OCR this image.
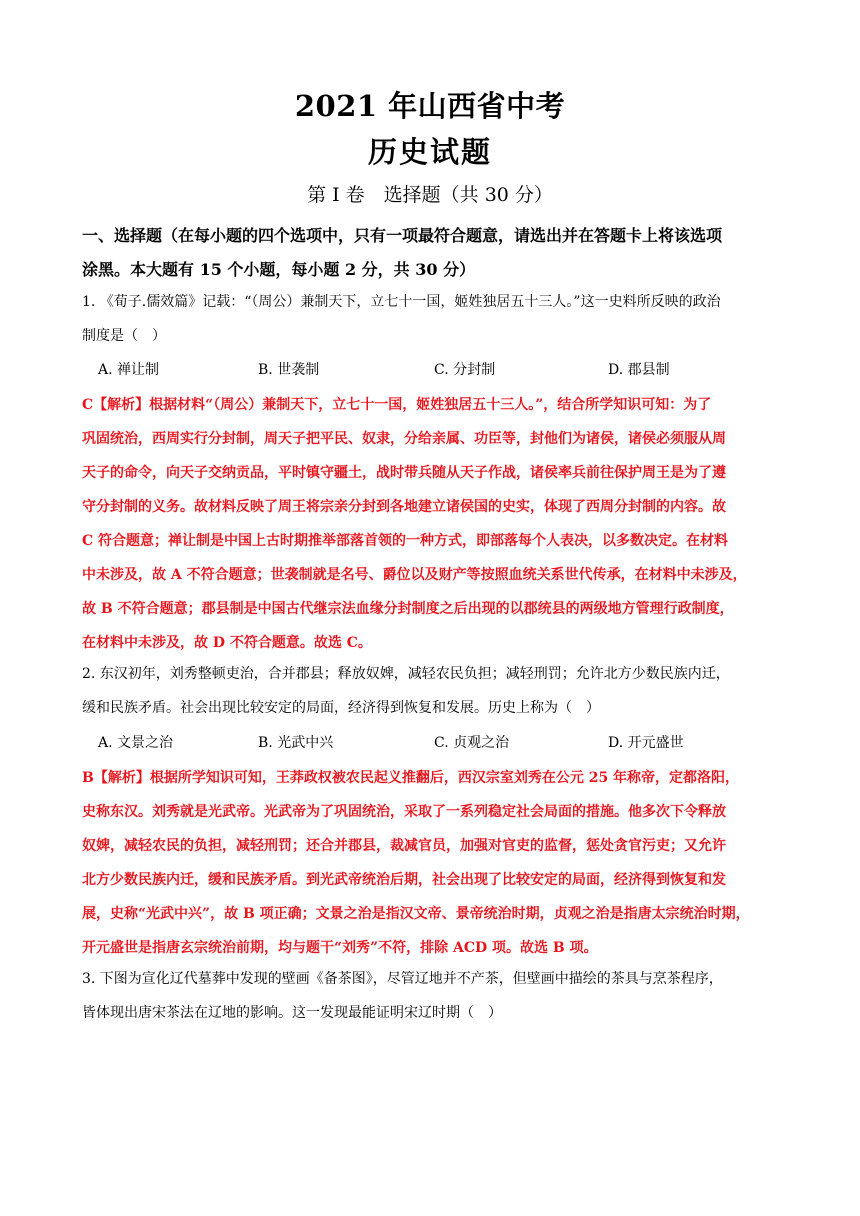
2021 年山西省中考
历史试题
第 I 卷　选择题（共 30 分）
一、选择题（在每小题的四个选项中，只有一项最符合题意，请选出并在答题卡上将该选项
涂黑。本大题有 15 个小题，每小题 2 分，共 30 分）
1. 《荀子.儒效篇》记载：“（周公）兼制天下，立七十一国，姬姓独居五十三人。”这一史料所反映的政治
制度是（　）
A. 禅让制	B. 世袭制	C. 分封制	D. 郡县制
C【解析】根据材料“（周公）兼制天下，立七十一国，姬姓独居五十三人。”，结合所学知识可知：为了
巩固统治，西周实行分封制，周天子把平民、奴隶，分给亲属、功臣等，封他们为诸侯，诸侯必须服从周
天子的命令，向天子交纳贡品，平时镇守疆土，战时带兵随从天子作战，诸侯率兵前往保护周王是为了遵
守分封制的义务。故材料反映了周王将宗亲分封到各地建立诸侯国的史实，体现了西周分封制的内容。故
C 符合题意；禅让制是中国上古时期推举部落首领的一种方式，即部落每个人表决，以多数决定。在材料
中未涉及，故 A 不符合题意；世袭制就是名号、爵位以及财产等按照血统关系世代传承，在材料中未涉及，
故 B 不符合题意；郡县制是中国古代继宗法血缘分封制度之后出现的以郡统县的两级地方管理行政制度，
在材料中未涉及，故 D 不符合题意。故选 C。
2. 东汉初年，刘秀整顿吏治，合并郡县；释放奴婢，减轻农民负担；减轻刑罚；允许北方少数民族内迁，
缓和民族矛盾。社会出现比较安定的局面，经济得到恢复和发展。历史上称为（　）
A. 文景之治	B. 光武中兴	C. 贞观之治	D. 开元盛世
B【解析】根据所学知识可知，王莽政权被农民起义推翻后，西汉宗室刘秀在公元 25 年称帝，定都洛阳，
史称东汉。刘秀就是光武帝。光武帝为了巩固统治，采取了一系列稳定社会局面的措施。他多次下令释放
奴婢，减轻农民的负担，减轻刑罚；还合并郡县，裁减官员，加强对官吏的监督，惩处贪官污吏；又允许
北方少数民族内迁，缓和民族矛盾。到光武帝统治后期，社会出现了比较安定的局面，经济得到恢复和发
展，史称“光武中兴”，故 B 项正确；文景之治是指汉文帝、景帝统治时期，贞观之治是指唐太宗统治时期，
开元盛世是指唐玄宗统治前期，均与题干“刘秀”不符，排除 ACD 项。故选 B 项。
3. 下图为宣化辽代墓葬中发现的壁画《备茶图》，尽管辽地并不产茶，但壁画中描绘的茶具与烹茶程序，
皆体现出唐宋茶法在辽地的影响。这一发现最能证明宋辽时期（　）
